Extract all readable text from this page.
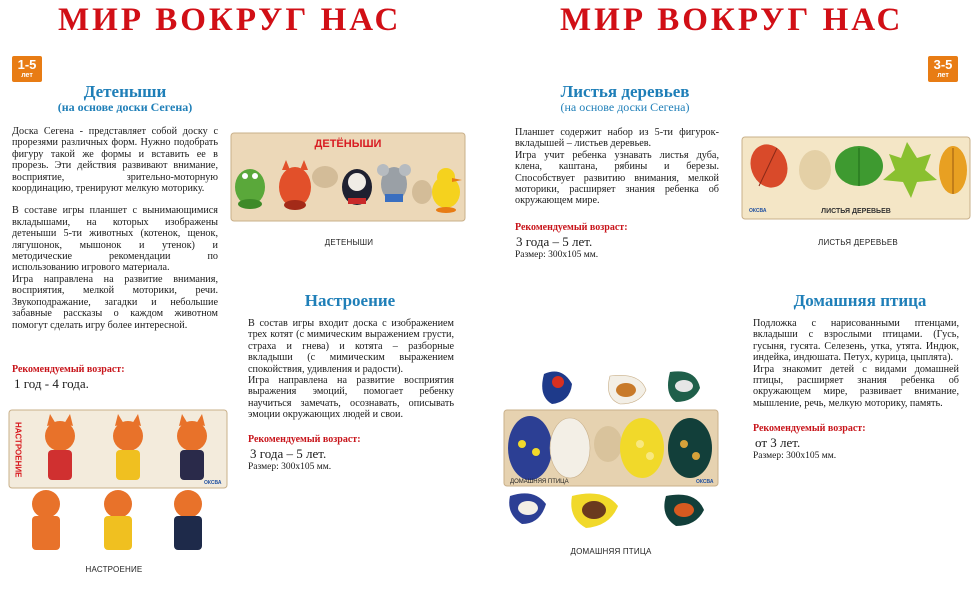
МИР ВОКРУГ НАС	МИР ВОКРУГ НАС
1-5
лет
3-5
лет
Детеныши
(на основе доски Сегена)

Доска Сегена - представляет собой доску с прорезями различных форм. Нужно подобрать фигуру такой же формы и вставить ее в прорезь. Эти действия развивают внимание, восприятие, зрительно-моторную координацию, тренируют мелкую моторику.

В составе игры планшет с вынимающимися вкладышами, на которых изображены детеныши 5-ти животных (котенок, щенок, лягушонок, мышонок и утенок) и методические рекомендации по использованию игрового материала.

Игра направлена на развитие внимания, восприятия, мелкой моторики, речи. Звукоподражание, загадки и небольшие забавные рассказы о каждом животном помогут сделать игру более интересной.

Рекомендуемый возраст:
1 год - 4 года.
ДЕТЁНЫШИ
ДЕТЕНЫШИ
Настроение

В состав игры входит доска с изображением трех котят (с мимическим выражением грусти, страха и гнева) и котята – разборные вкладыши (с мимическим выражением спокойствия, удивления и радости).

Игра направлена на развитие восприятия выражения эмоций, помогает ребенку научиться замечать, осознавать, описывать эмоции окружающих людей и свои.

Рекомендуемый возраст:
3 года – 5 лет.
Размер: 300х105 мм.
НАСТРОЕНИЕ
ОКСВА
НАСТРОЕНИЕ
Листья деревьев
(на основе доски Сегена)

Планшет содержит набор из 5-ти фигурок-вкладышей – листьев деревьев.

Игра учит ребенка узнавать листья дуба, клена, каштана, рябины и березы. Способствует развитию внимания, мелкой моторики, расширяет знания ребенка об окружающем мире.

Рекомендуемый возраст:
3 года – 5 лет.
Размер: 300х105 мм.
ОКСВА	ЛИСТЬЯ ДЕРЕВЬЕВ
ЛИСТЬЯ ДЕРЕВЬЕВ
Домашняя птица

Подложка с нарисованными птенцами, вкладыши с взрослыми птицами. (Гусь, гусыня, гусята. Селезень, утка, утята. Индюк, индейка, индюшата. Петух, курица, цыплята).

Игра знакомит детей с видами домашней птицы, расширяет знания ребенка об окружающем мире, развивает внимание, мышление, речь, мелкую моторику, память.

Рекомендуемый возраст:
от 3 лет.
Размер: 300х105 мм.
ДОМАШНЯЯ ПТИЦА	ОКСВА
ДОМАШНЯЯ ПТИЦА
